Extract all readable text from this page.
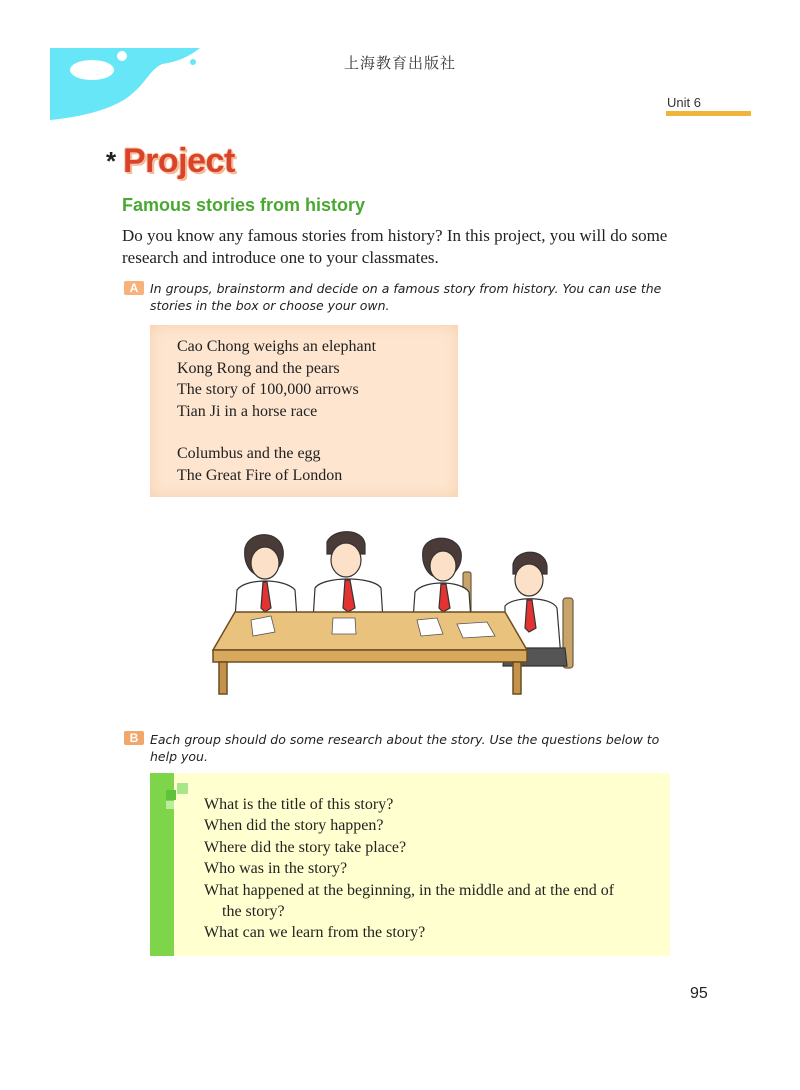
上海教育出版社
Unit 6
* Project
Famous stories from history
Do you know any famous stories from history? In this project, you will do some research and introduce one to your classmates.
A In groups, brainstorm and decide on a famous story from history. You can use the stories in the box or choose your own.
Cao Chong weighs an elephant
Kong Rong and the pears
The story of 100,000 arrows
Tian Ji in a horse race
Columbus and the egg
The Great Fire of London
B Each group should do some research about the story. Use the questions below to help you.
What is the title of this story?
When did the story happen?
Where did the story take place?
Who was in the story?
What happened at the beginning, in the middle and at the end of
the story?
What can we learn from the story?
95
